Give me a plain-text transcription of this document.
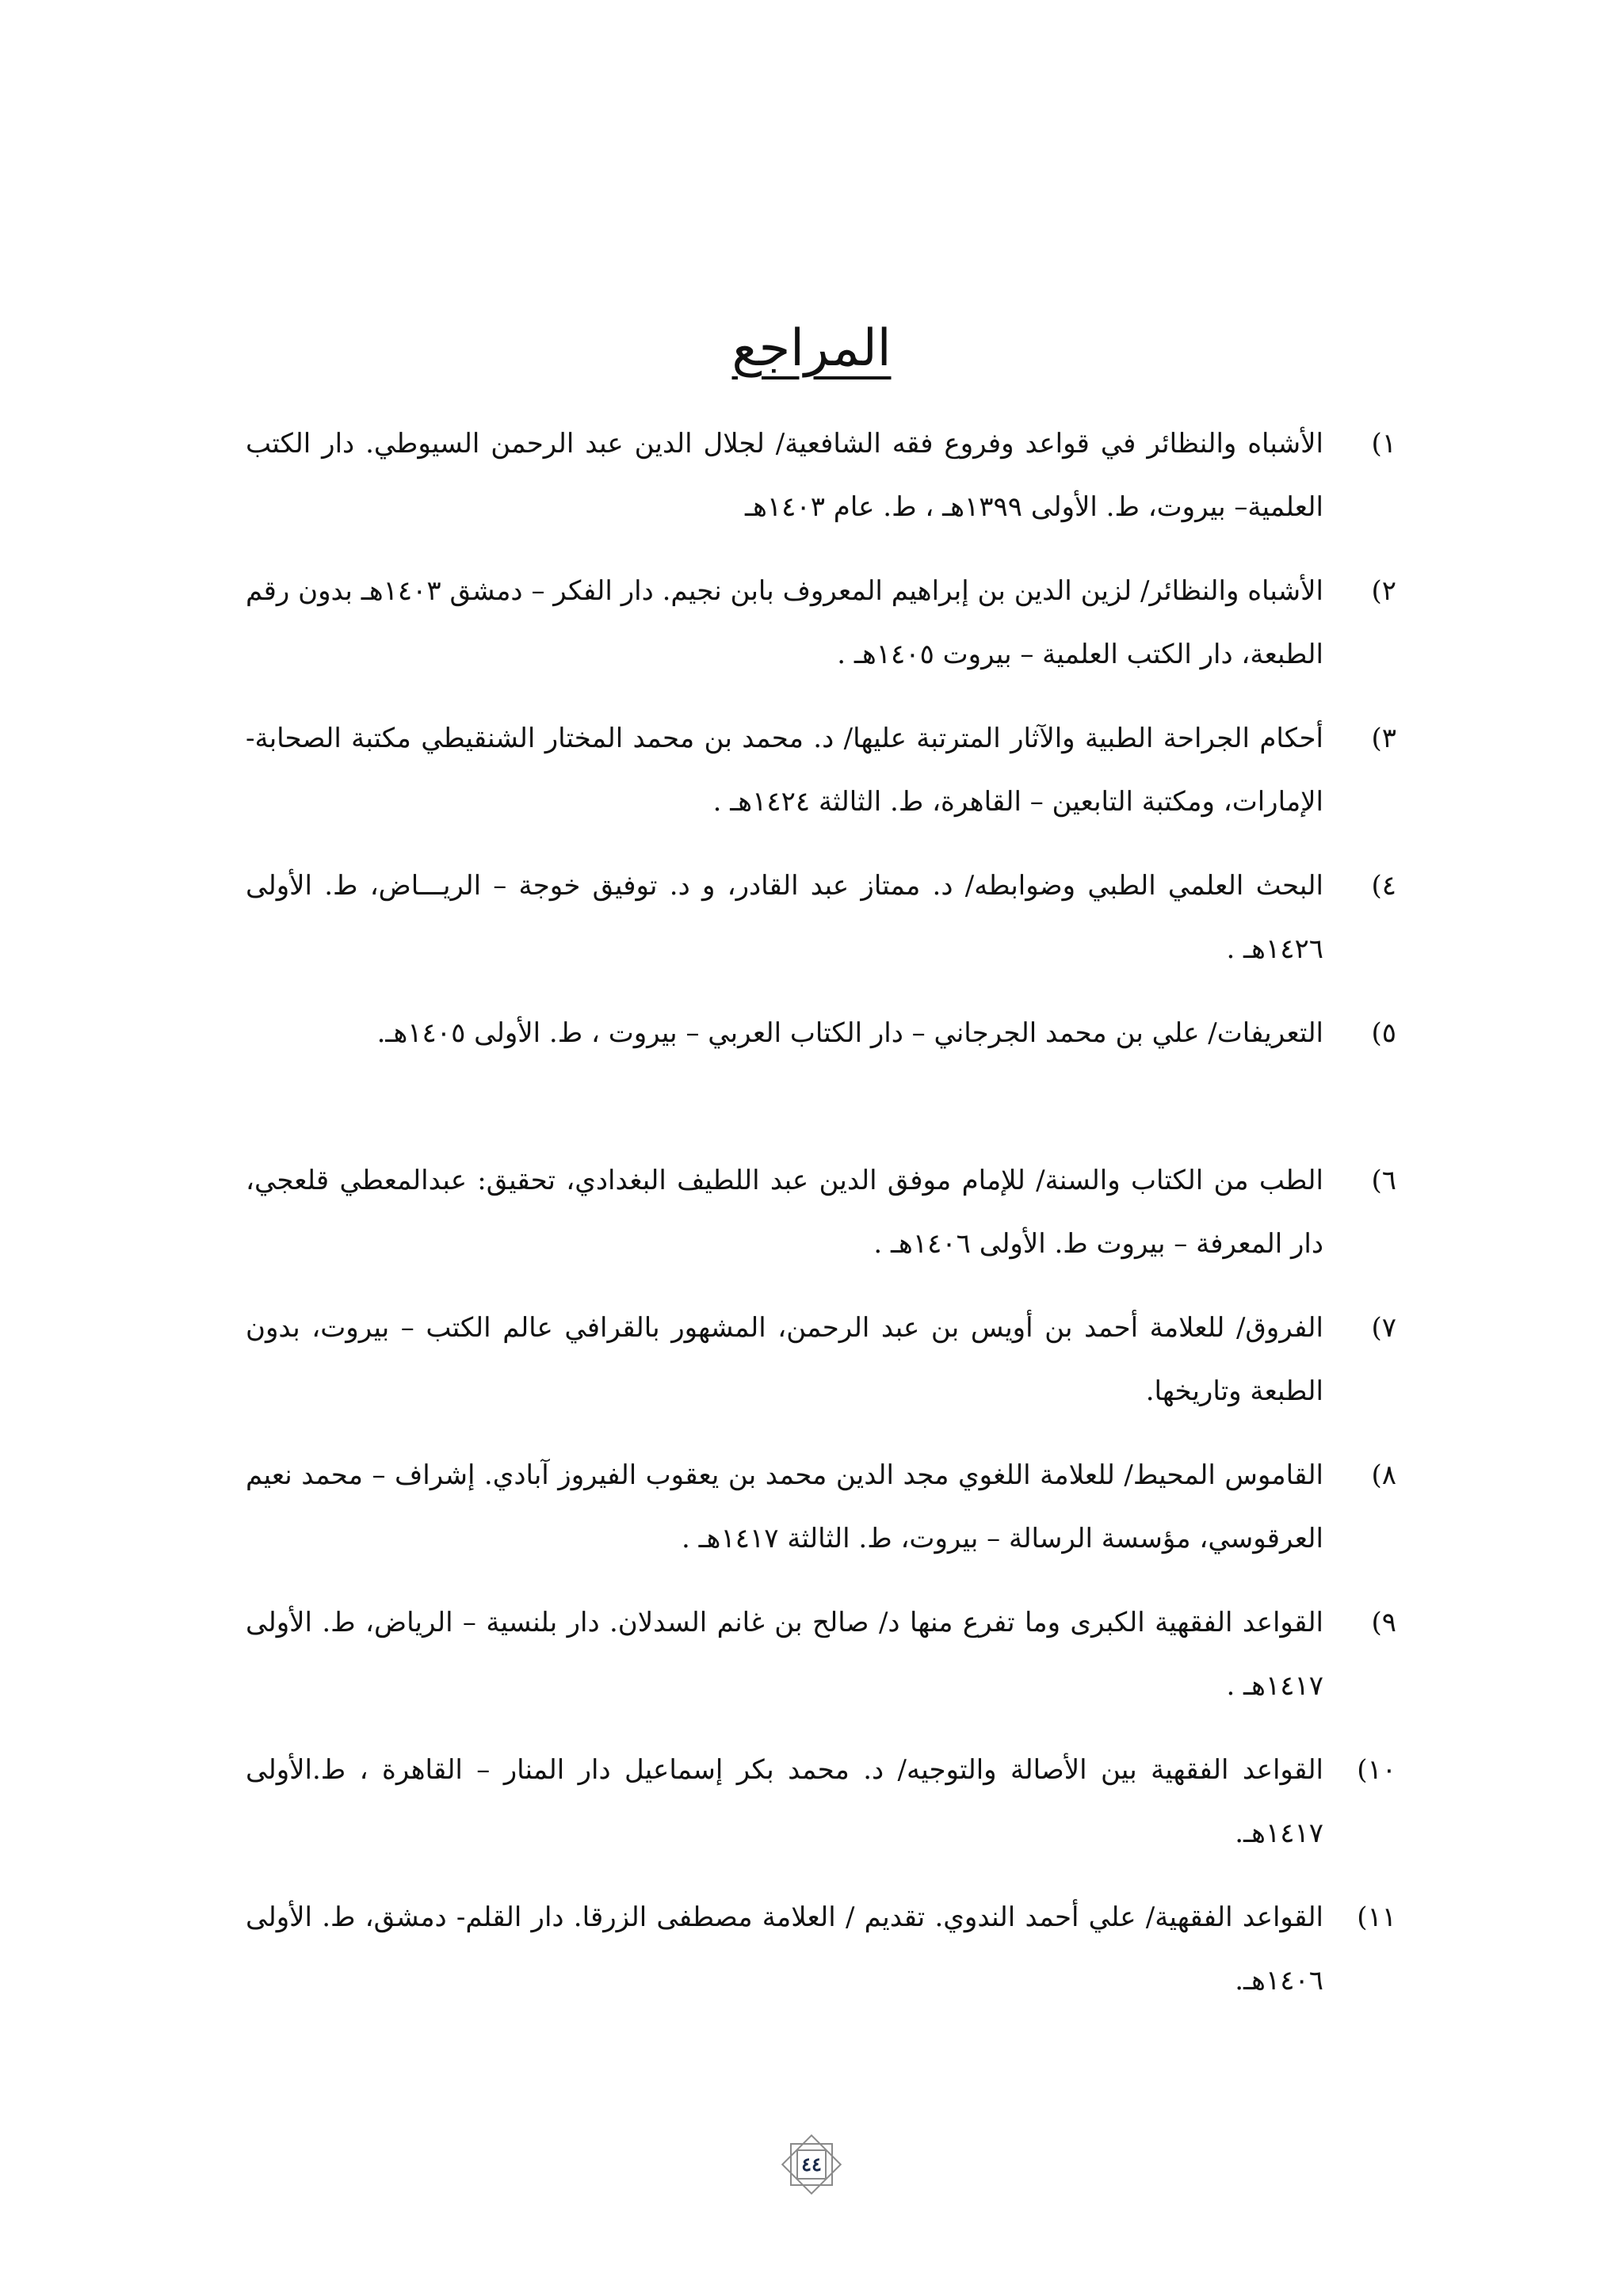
المراجع
١)
الأشباه والنظائر في قواعد وفروع فقه الشافعية/ لجلال الدين عبد الرحمن السيوطي. دار الكتب العلمية– بيروت، ط. الأولى ١٣٩٩هـ ، ط. عام ١٤٠٣هـ
٢)
الأشباه والنظائر/ لزين الدين بن إبراهيم المعروف بابن نجيم. دار الفكر – دمشق ١٤٠٣هـ بدون رقم الطبعة، دار الكتب العلمية – بيروت ١٤٠٥هـ .
٣)
أحكام الجراحة الطبية والآثار المترتبة عليها/ د. محمد بن محمد المختار الشنقيطي مكتبة الصحابة- الإمارات، ومكتبة التابعين – القاهرة، ط. الثالثة ١٤٢٤هـ .
٤)
البحث العلمي الطبي وضوابطه/ د. ممتاز عبد القادر، و د. توفيق خوجة – الريـــاض، ط. الأولى ١٤٢٦هـ .
٥)
التعريفات/ علي بن محمد الجرجاني – دار الكتاب العربي – بيروت ، ط. الأولى ١٤٠٥هـ.
٦)
الطب من الكتاب والسنة/ للإمام موفق الدين عبد اللطيف البغدادي، تحقيق: عبدالمعطي قلعجي، دار المعرفة – بيروت ط. الأولى ١٤٠٦هـ .
٧)
الفروق/ للعلامة أحمد بن أويس بن عبد الرحمن، المشهور بالقرافي عالم الكتب – بيروت، بدون الطبعة وتاريخها.
٨)
القاموس المحيط/ للعلامة اللغوي مجد الدين محمد بن يعقوب الفيروز آبادي. إشراف – محمد نعيم العرقوسي، مؤسسة الرسالة – بيروت، ط. الثالثة ١٤١٧هـ .
٩)
القواعد الفقهية الكبرى وما تفرع منها د/ صالح بن غانم السدلان. دار بلنسية – الرياض، ط. الأولى ١٤١٧هـ .
١٠)
القواعد الفقهية بين الأصالة والتوجيه/ د. محمد بكر إسماعيل دار المنار – القاهرة ، ط.الأولى ١٤١٧هـ.
١١)
القواعد الفقهية/ علي أحمد الندوي. تقديم / العلامة مصطفى الزرقا. دار القلم- دمشق، ط. الأولى ١٤٠٦هـ.
٤٤
